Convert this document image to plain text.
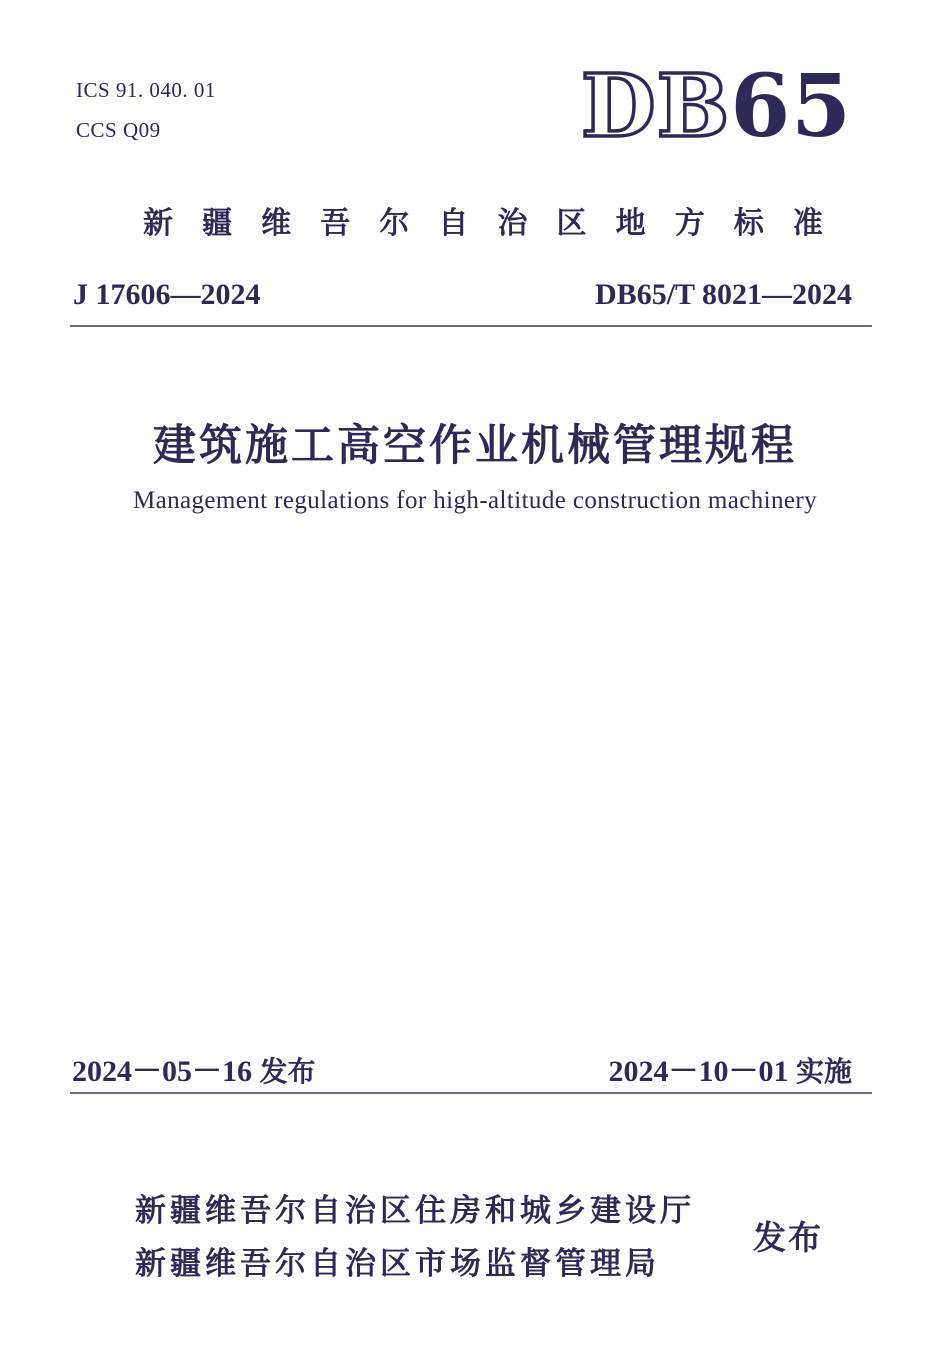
ICS 91. 040. 01
CCS Q09	DB65
新 疆 维 吾 尔 自 治 区 地 方 标 准
J 17606—2024	DB65/T 8021—2024
建筑施工高空作业机械管理规程
Management regulations for high-altitude construction machinery
2024－05－16 发布	2024－10－01 实施
新疆维吾尔自治区住房和城乡建设厅
新疆维吾尔自治区市场监督管理局
发布
